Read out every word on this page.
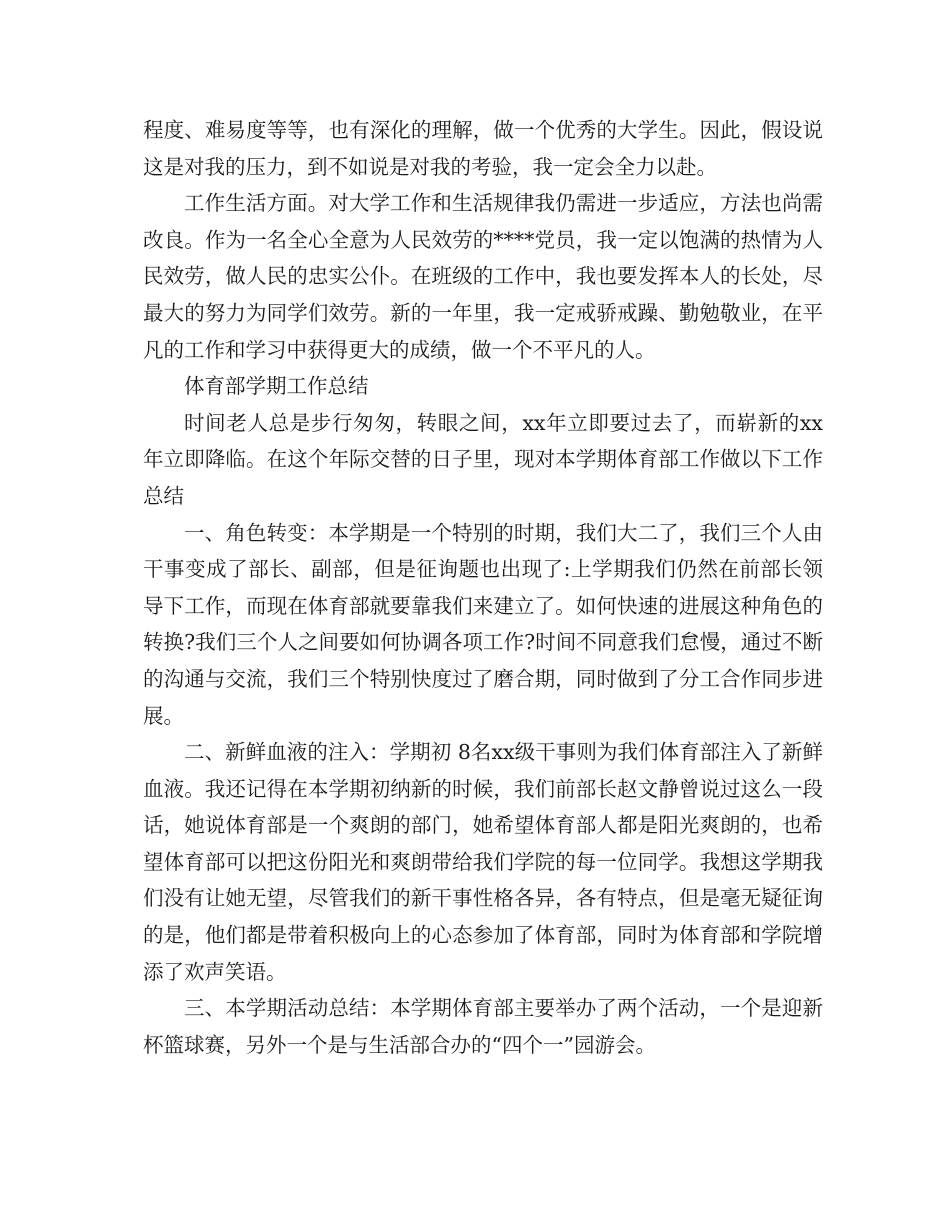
程度、难易度等等，也有深化的理解，做一个优秀的大学生。因此，假设说这是对我的压力，到不如说是对我的考验，我一定会全力以赴。

工作生活方面。对大学工作和生活规律我仍需进一步适应，方法也尚需改良。作为一名全心全意为人民效劳的****党员，我一定以饱满的热情为人民效劳，做人民的忠实公仆。在班级的工作中，我也要发挥本人的长处，尽最大的努力为同学们效劳。新的一年里，我一定戒骄戒躁、勤勉敬业，在平凡的工作和学习中获得更大的成绩，做一个不平凡的人。

体育部学期工作总结

时间老人总是步行匆匆，转眼之间，xx年立即要过去了，而崭新的xx年立即降临。在这个年际交替的日子里，现对本学期体育部工作做以下工作总结

一、角色转变：本学期是一个特别的时期，我们大二了，我们三个人由干事变成了部长、副部，但是征询题也出现了:上学期我们仍然在前部长领导下工作，而现在体育部就要靠我们来建立了。如何快速的进展这种角色的转换?我们三个人之间要如何协调各项工作?时间不同意我们怠慢，通过不断的沟通与交流，我们三个特别快度过了磨合期，同时做到了分工合作同步进展。

二、新鲜血液的注入：学期初 8名xx级干事则为我们体育部注入了新鲜血液。我还记得在本学期初纳新的时候，我们前部长赵文静曾说过这么一段话，她说体育部是一个爽朗的部门，她希望体育部人都是阳光爽朗的，也希望体育部可以把这份阳光和爽朗带给我们学院的每一位同学。我想这学期我们没有让她无望，尽管我们的新干事性格各异，各有特点，但是毫无疑征询的是，他们都是带着积极向上的心态参加了体育部，同时为体育部和学院增添了欢声笑语。

三、本学期活动总结：本学期体育部主要举办了两个活动，一个是迎新杯篮球赛，另外一个是与生活部合办的“四个一”园游会。
